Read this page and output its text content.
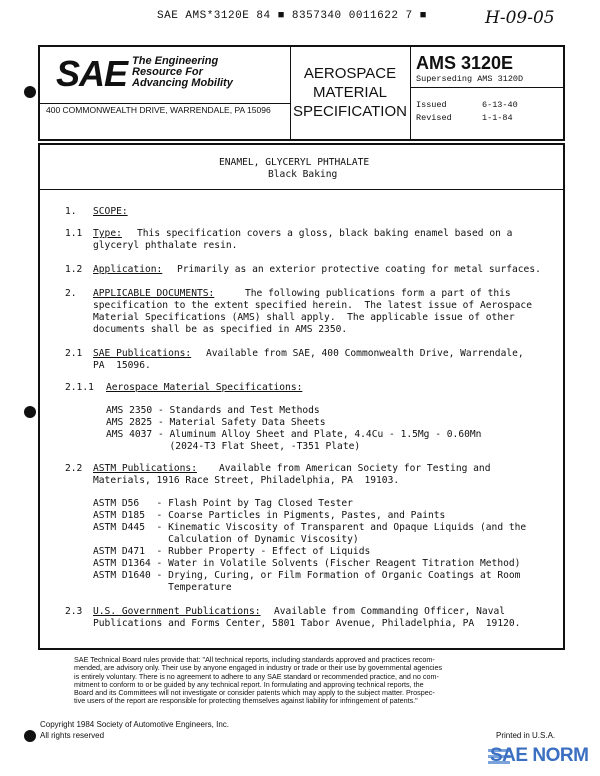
SAE AMS*3120E 84 ■ 8357340 0011622 7 ■	H-09-05
SAE The Engineering
Resource For
Advancing Mobility
400 COMMONWEALTH DRIVE, WARRENDALE, PA 15096
AEROSPACE
MATERIAL
SPECIFICATION
AMS 3120E
Superseding AMS 3120D
Issued	6-13-40
Revised	1-1-84
ENAMEL, GLYCERYL PHTHALATE
Black Baking
1. SCOPE:
1.1 Type: This specification covers a gloss, black baking enamel based on a
glyceryl phthalate resin.
1.2 Application: Primarily as an exterior protective coating for metal surfaces.
2. APPLICABLE DOCUMENTS:	The following publications form a part of this
specification to the extent specified herein.  The latest issue of Aerospace
Material Specifications (AMS) shall apply.  The applicable issue of other
documents shall be as specified in AMS 2350.
2.1 SAE Publications: Available from SAE, 400 Commonwealth Drive, Warrendale,
PA  15096.
2.1.1 Aerospace Material Specifications:
AMS 2350 - Standards and Test Methods
AMS 2825 - Material Safety Data Sheets
AMS 4037 - Aluminum Alloy Sheet and Plate, 4.4Cu - 1.5Mg - 0.60Mn
(2024-T3 Flat Sheet, -T351 Plate)
2.2 ASTM Publications: Available from American Society for Testing and
Materials, 1916 Race Street, Philadelphia, PA  19103.
ASTM D56   - Flash Point by Tag Closed Tester
ASTM D185  - Coarse Particles in Pigments, Pastes, and Paints
ASTM D445  - Kinematic Viscosity of Transparent and Opaque Liquids (and the
Calculation of Dynamic Viscosity)
ASTM D471  - Rubber Property - Effect of Liquids
ASTM D1364 - Water in Volatile Solvents (Fischer Reagent Titration Method)
ASTM D1640 - Drying, Curing, or Film Formation of Organic Coatings at Room
Temperature
2.3 U.S. Government Publications: Available from Commanding Officer, Naval
Publications and Forms Center, 5801 Tabor Avenue, Philadelphia, PA  19120.
SAE Technical Board rules provide that: "All technical reports, including standards approved and practices recom-
mended, are advisory only. Their use by anyone engaged in industry or trade or their use by governmental agencies
is entirely voluntary. There is no agreement to adhere to any SAE standard or recommended practice, and no com-
mitment to conform to or be guided by any technical report. In formulating and approving technical reports, the
Board and its Committees will not investigate or consider patents which may apply to the subject matter. Prospec-
tive users of the report are responsible for protecting themselves against liability for infringement of patents."
Copyright 1984 Society of Automotive Engineers, Inc.
All rights reserved	Printed in U.S.A.
SAE NORM
